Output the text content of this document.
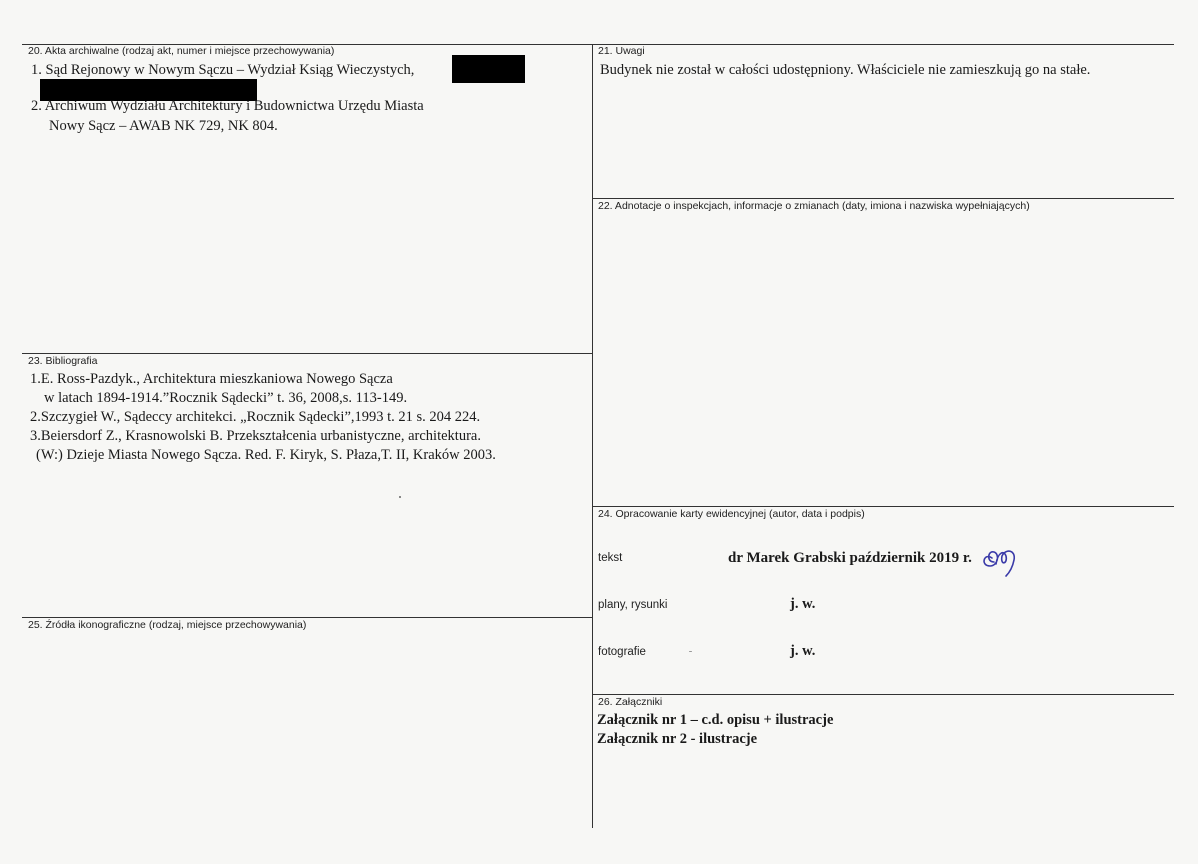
20. Akta archiwalne (rodzaj akt, numer i miejsce przechowywania)
1. Sąd Rejonowy w Nowym Sączu – Wydział Ksiąg Wieczystych,
2. Archiwum Wydziału Architektury i Budownictwa Urzędu Miasta
Nowy Sącz – AWAB NK 729, NK 804.
21. Uwagi
Budynek nie został w całości udostępniony. Właściciele nie zamieszkują go na stałe.
22. Adnotacje o inspekcjach, informacje o zmianach (daty, imiona i nazwiska wypełniających)
23. Bibliografia
1.E. Ross-Pazdyk., Architektura mieszkaniowa Nowego Sącza
w latach 1894-1914.”Rocznik Sądecki” t. 36, 2008,s. 113-149.
2.Szczygieł W., Sądeccy architekci. „Rocznik Sądecki”,1993 t. 21 s. 204 224.
3.Beiersdorf Z., Krasnowolski B. Przekształcenia urbanistyczne, architektura.
(W:) Dzieje Miasta Nowego Sącza. Red. F. Kiryk, S. Płaza,T. II, Kraków 2003.
24. Opracowanie karty ewidencyjnej (autor, data i podpis)
tekst	dr Marek Grabski październik 2019 r.
plany, rysunki	j. w.
fotografie	j. w.
25. Źródła ikonograficzne (rodzaj, miejsce przechowywania)
26. Załączniki
Załącznik nr 1 – c.d. opisu + ilustracje
Załącznik nr 2 - ilustracje
